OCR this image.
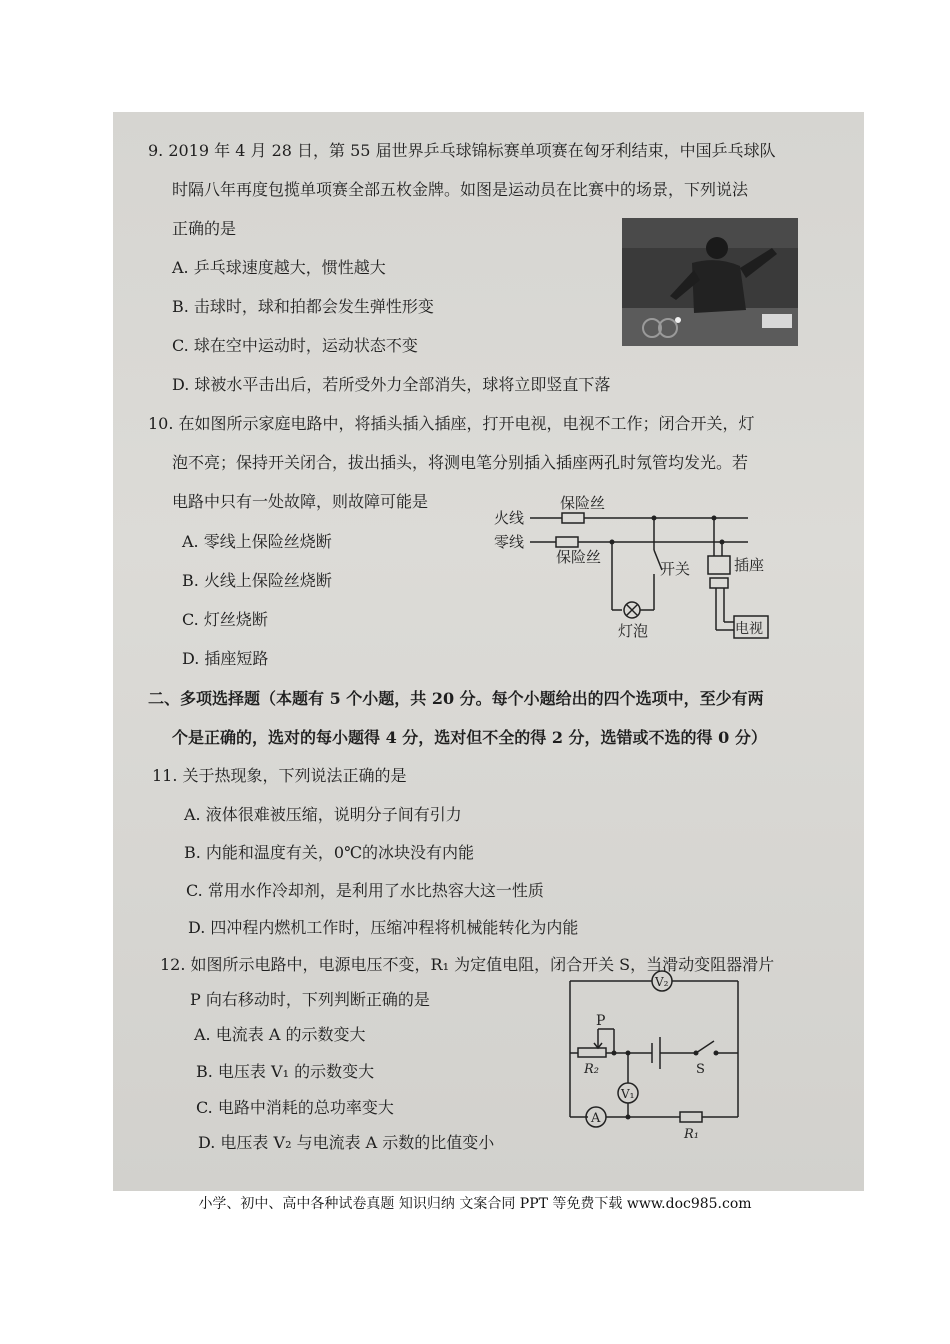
9. 2019 年 4 月 28 日，第 55 届世界乒乓球锦标赛单项赛在匈牙利结束，中国乒乓球队
时隔八年再度包揽单项赛全部五枚金牌。如图是运动员在比赛中的场景，下列说法
正确的是
A. 乒乓球速度越大，惯性越大
B. 击球时，球和拍都会发生弹性形变
C. 球在空中运动时，运动状态不变
D. 球被水平击出后，若所受外力全部消失，球将立即竖直下落
10. 在如图所示家庭电路中，将插头插入插座，打开电视，电视不工作；闭合开关，灯
泡不亮；保持开关闭合，拔出插头，将测电笔分别插入插座两孔时氖管均发光。若
电路中只有一处故障，则故障可能是
A. 零线上保险丝烧断
B. 火线上保险丝烧断
C. 灯丝烧断
D. 插座短路
火线
零线
保险丝
保险丝
开关	插座
灯泡	电视
二、多项选择题（本题有 5 个小题，共 20 分。每个小题给出的四个选项中，至少有两
个是正确的，选对的每小题得 4 分，选对但不全的得 2 分，选错或不选的得 0 分）
11. 关于热现象，下列说法正确的是
A. 液体很难被压缩，说明分子间有引力
B. 内能和温度有关，0℃的冰块没有内能
C. 常用水作冷却剂，是利用了水比热容大这一性质
D. 四冲程内燃机工作时，压缩冲程将机械能转化为内能
12. 如图所示电路中，电源电压不变，R₁ 为定值电阻，闭合开关 S，当滑动变阻器滑片
P 向右移动时，下列判断正确的是
A. 电流表 A 的示数变大
B. 电压表 V₁ 的示数变大
C. 电路中消耗的总功率变大
D. 电压表 V₂ 与电流表 A 示数的比值变小
V₂
V₁
A
P
R₂
R₁
S
小学、初中、高中各种试卷真题 知识归纳 文案合同 PPT 等免费下载 www.doc985.com
